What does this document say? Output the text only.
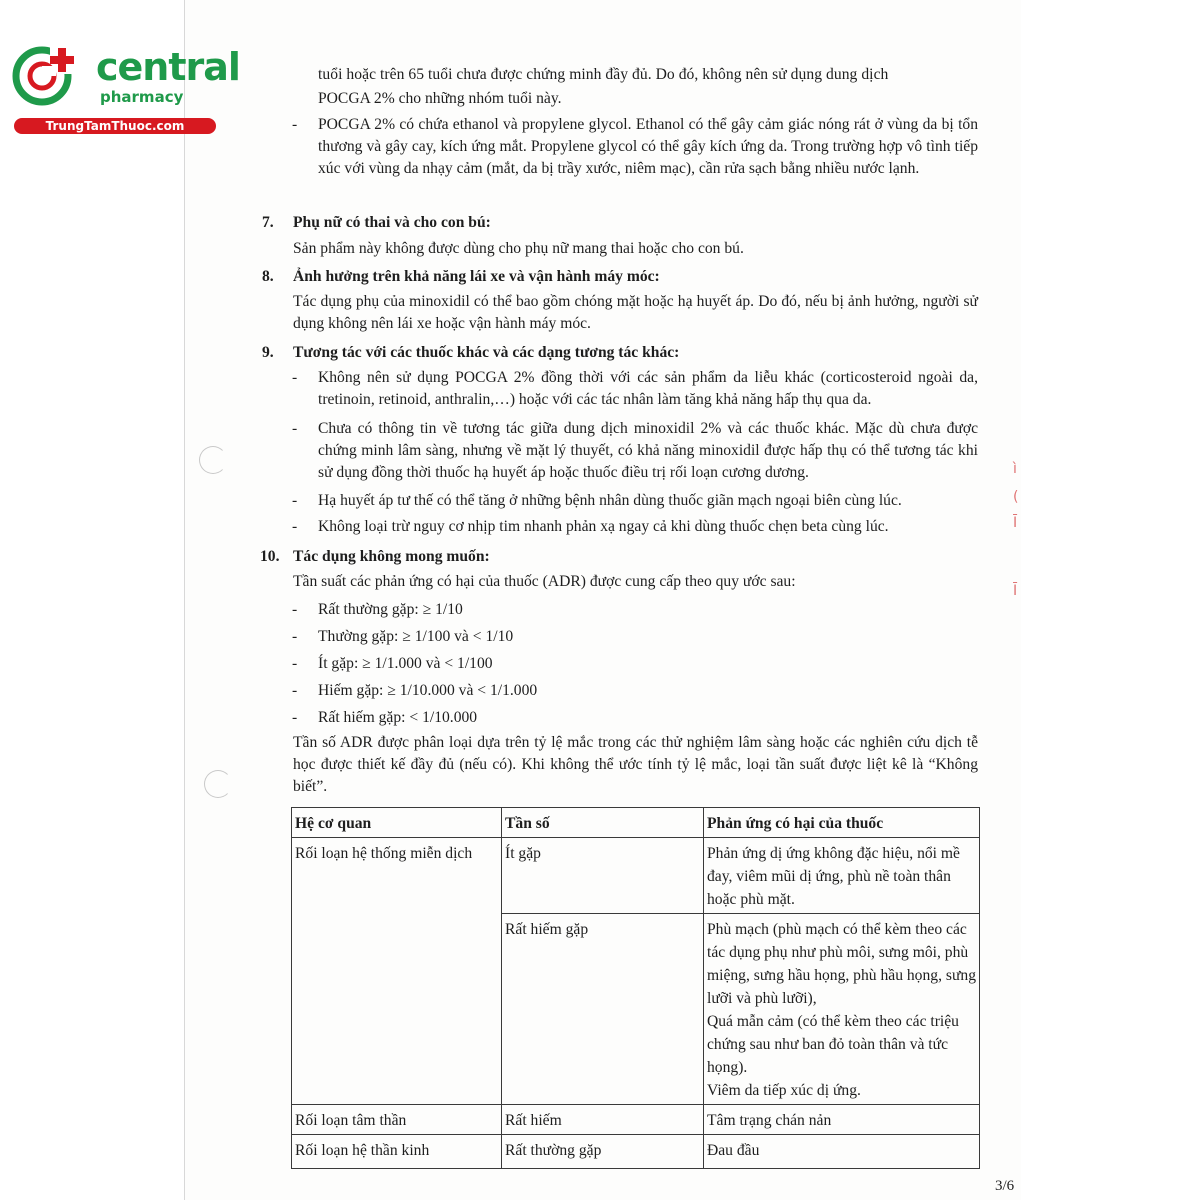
central
pharmacy
TrungTamThuoc.com
ì
(
Ī
Ī
tuổi hoặc trên 65 tuổi chưa được chứng minh đầy đủ. Do đó, không nên sử dụng dung dịch
POCGA 2% cho những nhóm tuổi này.
- POCGA 2% có chứa ethanol và propylene glycol. Ethanol có thể gây cảm giác nóng rát ở vùng da bị tổn thương và gây cay, kích ứng mắt. Propylene glycol có thể gây kích ứng da. Trong trường hợp vô tình tiếp xúc với vùng da nhạy cảm (mắt, da bị trầy xước, niêm mạc), cần rửa sạch bằng nhiều nước lạnh.
7. Phụ nữ có thai và cho con bú:
Sản phẩm này không được dùng cho phụ nữ mang thai hoặc cho con bú.
8. Ảnh hưởng trên khả năng lái xe và vận hành máy móc:
Tác dụng phụ của minoxidil có thể bao gồm chóng mặt hoặc hạ huyết áp. Do đó, nếu bị ảnh hưởng, người sử dụng không nên lái xe hoặc vận hành máy móc.
9. Tương tác với các thuốc khác và các dạng tương tác khác:
- Không nên sử dụng POCGA 2% đồng thời với các sản phẩm da liễu khác (corticosteroid ngoài da, tretinoin, retinoid, anthralin,…) hoặc với các tác nhân làm tăng khả năng hấp thụ qua da.
- Chưa có thông tin về tương tác giữa dung dịch minoxidil 2% và các thuốc khác. Mặc dù chưa được chứng minh lâm sàng, nhưng về mặt lý thuyết, có khả năng minoxidil được hấp thụ có thể tương tác khi sử dụng đồng thời thuốc hạ huyết áp hoặc thuốc điều trị rối loạn cương dương.
- Hạ huyết áp tư thế có thể tăng ở những bệnh nhân dùng thuốc giãn mạch ngoại biên cùng lúc.
- Không loại trừ nguy cơ nhịp tim nhanh phản xạ ngay cả khi dùng thuốc chẹn beta cùng lúc.
10. Tác dụng không mong muốn:
Tần suất các phản ứng có hại của thuốc (ADR) được cung cấp theo quy ước sau:
- Rất thường gặp: ≥ 1/10
- Thường gặp: ≥ 1/100 và < 1/10
- Ít gặp: ≥ 1/1.000 và < 1/100
- Hiếm gặp: ≥ 1/10.000 và < 1/1.000
- Rất hiếm gặp: < 1/10.000
Tần số ADR được phân loại dựa trên tỷ lệ mắc trong các thử nghiệm lâm sàng hoặc các nghiên cứu dịch tễ học được thiết kế đầy đủ (nếu có). Khi không thể ước tính tỷ lệ mắc, loại tần suất được liệt kê là “Không biết”.
Hệ cơ quan	Tần số	Phản ứng có hại của thuốc
Rối loạn hệ thống miễn dịch	Ít gặp	Phản ứng dị ứng không đặc hiệu, nổi mề đay, viêm mũi dị ứng, phù nề toàn thân hoặc phù mặt.
	Rất hiếm gặp	Phù mạch (phù mạch có thể kèm theo các tác dụng phụ như phù môi, sưng môi, phù miệng, sưng hầu họng, phù hầu họng, sưng lưỡi và phù lưỡi),
Quá mẫn cảm (có thể kèm theo các triệu chứng sau như ban đỏ toàn thân và tức họng).
Viêm da tiếp xúc dị ứng.

Rối loạn tâm thần	Rất hiếm	Tâm trạng chán nản
Rối loạn hệ thần kinh	Rất thường gặp	Đau đầu
3/6
